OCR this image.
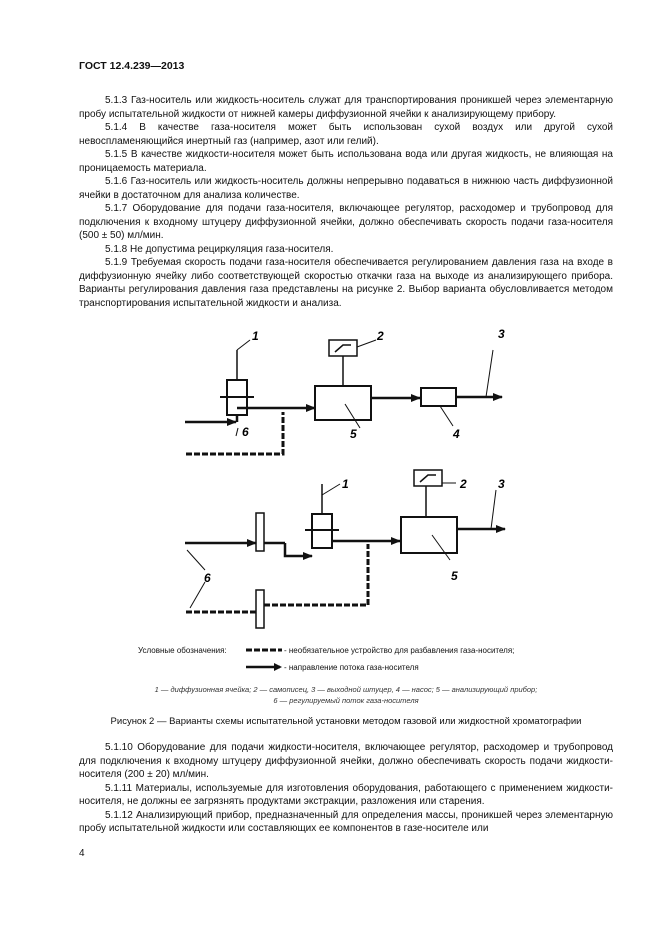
ГОСТ 12.4.239—2013

5.1.3 Газ-носитель или жидкость-носитель служат для транспортирования проникшей через элементарную пробу испытательной жидкости от нижней камеры диффузионной ячейки к анализирующему прибору.

5.1.4 В качестве газа-носителя может быть использован сухой воздух или другой сухой невоспламеняющийся инертный газ (например, азот или гелий).

5.1.5 В качестве жидкости-носителя может быть использована вода или другая жидкость, не влияющая на проницаемость материала.

5.1.6 Газ-носитель или жидкость-носитель должны непрерывно подаваться в нижнюю часть диффузионной ячейки в достаточном для анализа количестве.

5.1.7 Оборудование для подачи газа-носителя, включающее регулятор, расходомер и трубопровод для подключения к входному штуцеру диффузионной ячейки, должно обеспечивать скорость подачи газа-носителя (500 ± 50) мл/мин.

5.1.8 Не допустима рециркуляция газа-носителя.

5.1.9 Требуемая скорость подачи газа-носителя обеспечивается регулированием давления газа на входе в диффузионную ячейку либо соответствующей скоростью откачки газа на выходе из анализирующего прибора. Варианты регулирования давления газа представлены на рисунке 2. Выбор варианта обусловливается методом транспортирования испытательной жидкости и анализа.

1
5
2
4
3
6
2
1
5
3
6
Условные обозначения:	- необязательное устройство для разбавления газа-носителя;
- направление потока газа-носителя
1 — диффузионная ячейка; 2 — самописец, 3 — выходной штуцер, 4 — насос; 5 — анализирующий прибор;
6 — регулируемый поток газа-носителя
Рисунок 2 — Варианты схемы испытательной установки методом газовой или жидкостной хроматографии

5.1.10 Оборудование для подачи жидкости-носителя, включающее регулятор, расходомер и трубопровод для подключения к входному штуцеру диффузионной ячейки, должно обеспечивать скорость подачи жидкости-носителя (200 ± 20) мл/мин.

5.1.11 Материалы, используемые для изготовления оборудования, работающего с применением жидкости-носителя, не должны ее загрязнять продуктами экстракции, разложения или старения.

5.1.12 Анализирующий прибор, предназначенный для определения массы, проникшей через элементарную пробу испытательной жидкости или составляющих ее компонентов в газе-носителе или

4
